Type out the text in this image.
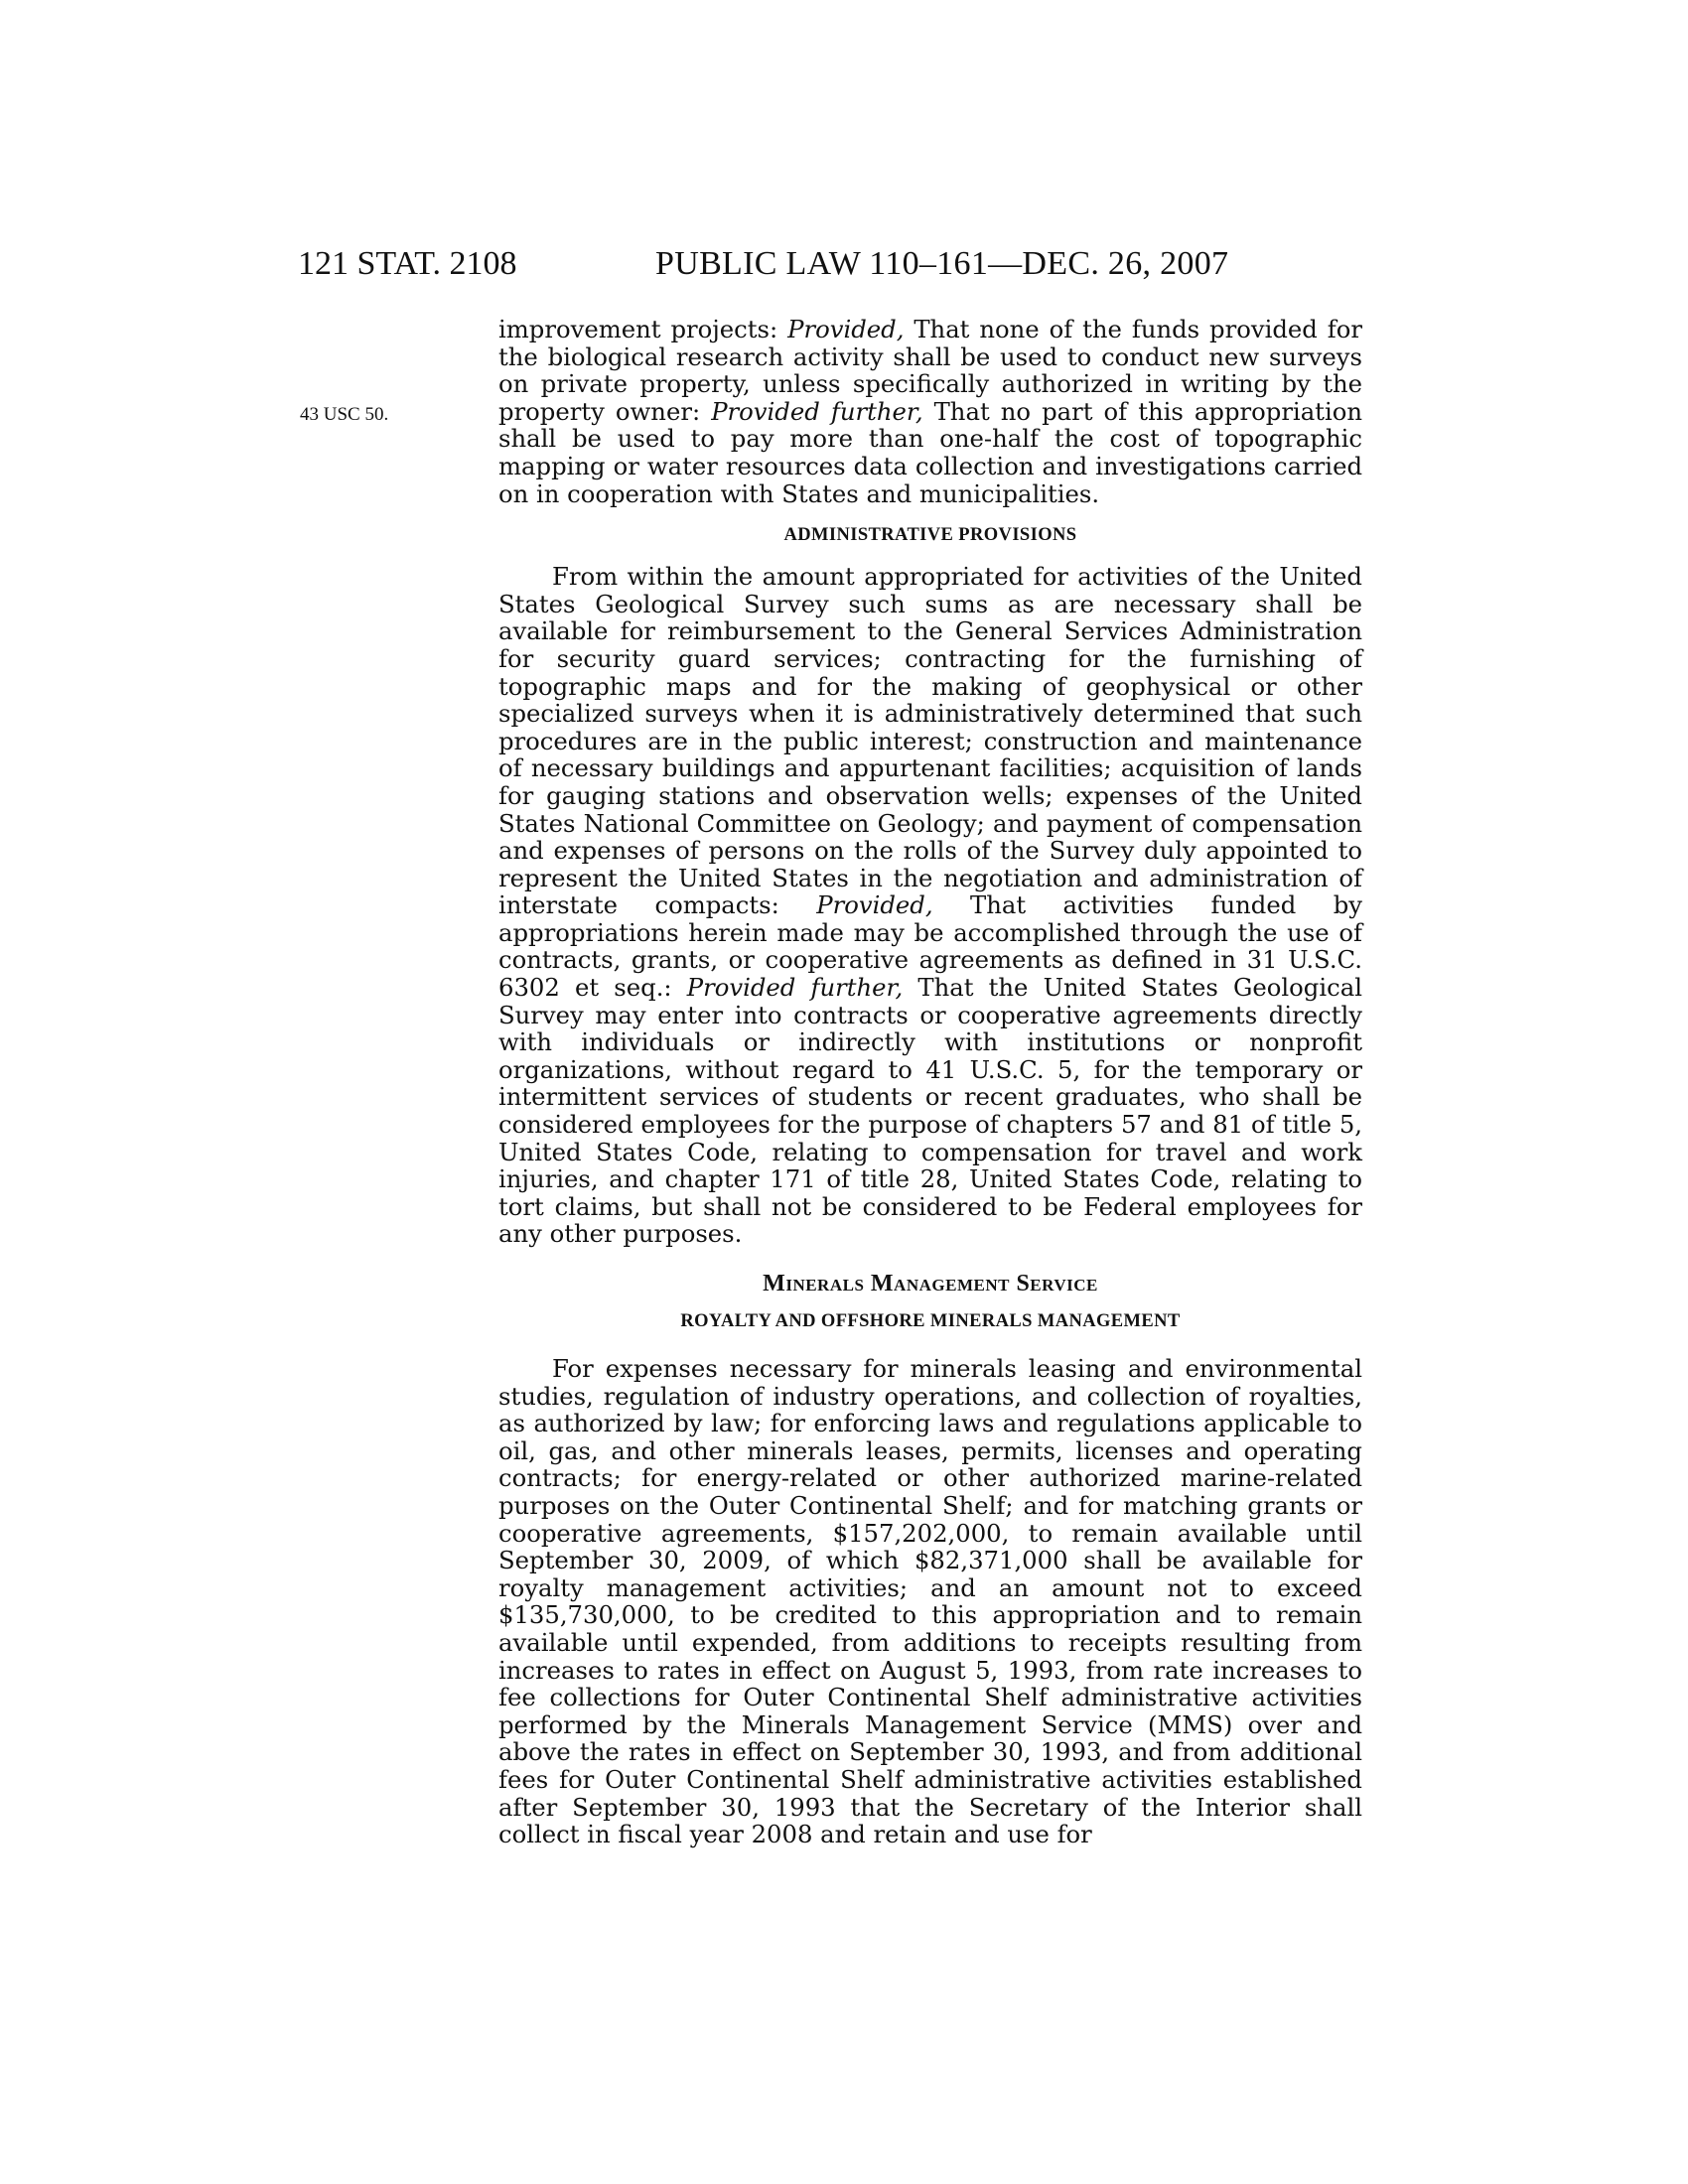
121 STAT. 2108	PUBLIC LAW 110–161—DEC. 26, 2007
43 USC 50.

improvement projects: Provided, That none of the funds provided for the biological research activity shall be used to conduct new surveys on private property, unless specifically authorized in writing by the property owner: Provided further, That no part of this appropriation shall be used to pay more than one-half the cost of topographic mapping or water resources data collection and investigations carried on in cooperation with States and municipalities.

ADMINISTRATIVE PROVISIONS

From within the amount appropriated for activities of the United States Geological Survey such sums as are necessary shall be available for reimbursement to the General Services Administration for security guard services; contracting for the furnishing of topographic maps and for the making of geophysical or other specialized surveys when it is administratively determined that such procedures are in the public interest; construction and maintenance of necessary buildings and appurtenant facilities; acquisition of lands for gauging stations and observation wells; expenses of the United States National Committee on Geology; and payment of compensation and expenses of persons on the rolls of the Survey duly appointed to represent the United States in the negotiation and administration of interstate compacts: Provided, That activities funded by appropriations herein made may be accomplished through the use of contracts, grants, or cooperative agreements as defined in 31 U.S.C. 6302 et seq.: Provided further, That the United States Geological Survey may enter into contracts or cooperative agreements directly with individuals or indirectly with institutions or nonprofit organizations, without regard to 41 U.S.C. 5, for the temporary or intermittent services of students or recent graduates, who shall be considered employees for the purpose of chapters 57 and 81 of title 5, United States Code, relating to compensation for travel and work injuries, and chapter 171 of title 28, United States Code, relating to tort claims, but shall not be considered to be Federal employees for any other purposes.

Minerals Management Service
ROYALTY AND OFFSHORE MINERALS MANAGEMENT

For expenses necessary for minerals leasing and environmental studies, regulation of industry operations, and collection of royalties, as authorized by law; for enforcing laws and regulations applicable to oil, gas, and other minerals leases, permits, licenses and operating contracts; for energy-related or other authorized marine-related purposes on the Outer Continental Shelf; and for matching grants or cooperative agreements, $157,202,000, to remain available until September 30, 2009, of which $82,371,000 shall be available for royalty management activities; and an amount not to exceed $135,730,000, to be credited to this appropriation and to remain available until expended, from additions to receipts resulting from increases to rates in effect on August 5, 1993, from rate increases to fee collections for Outer Continental Shelf administrative activities performed by the Minerals Management Service (MMS) over and above the rates in effect on September 30, 1993, and from additional fees for Outer Continental Shelf administrative activities established after September 30, 1993 that the Secretary of the Interior shall collect in fiscal year 2008 and retain and use for
